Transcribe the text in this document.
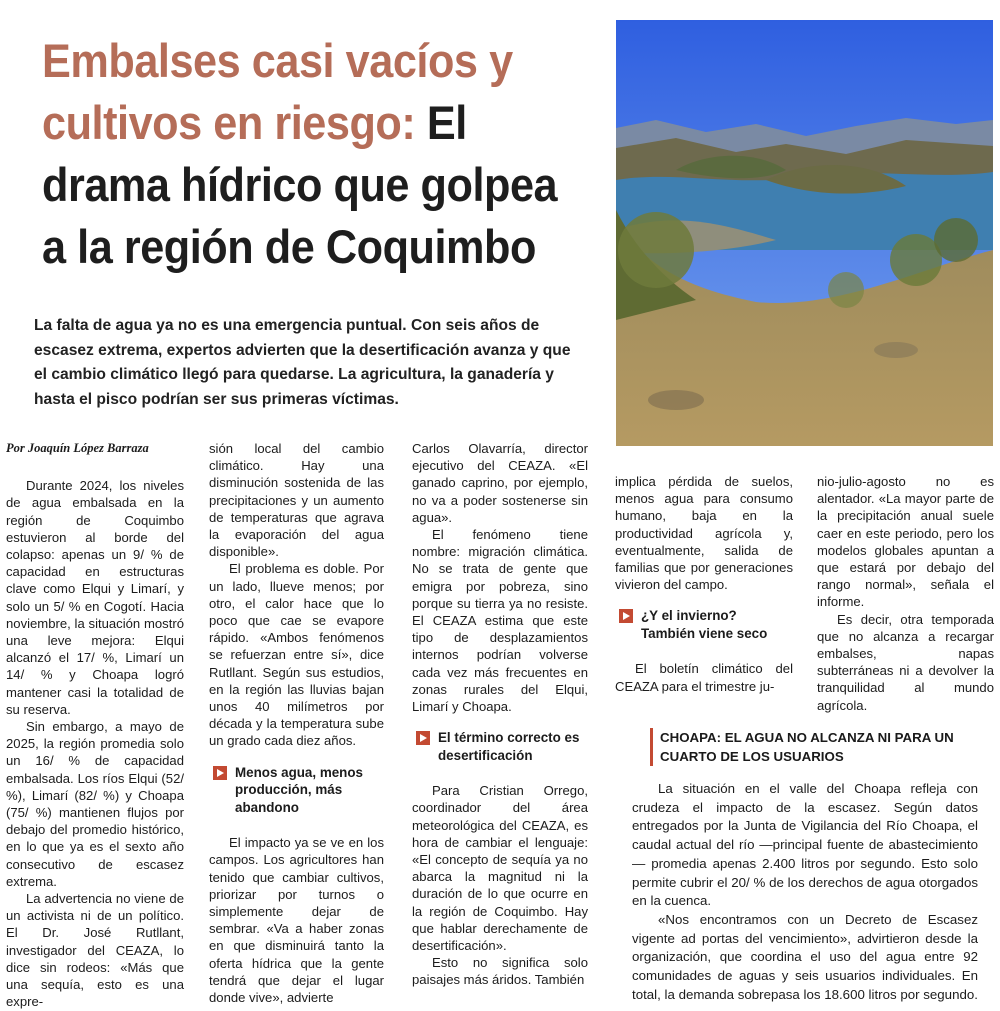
Embalses casi vacíos y cultivos en riesgo: El drama hídrico que golpea a la región de Coquimbo

La falta de agua ya no es una emergencia puntual. Con seis años de escasez extrema, expertos advierten que la desertificación avanza y que el cambio climático llegó para quedarse. La agricultura, la ganadería y hasta el pisco podrían ser sus primeras víctimas.

Por Joaquín López Barraza

Durante 2024, los niveles de agua embalsada en la región de Coquimbo estuvieron al borde del colapso: apenas un 9/ % de capacidad en estructuras clave como Elqui y Limarí, y solo un 5/ % en Cogotí. Hacia noviembre, la situación mostró una leve mejora: Elqui alcanzó el 17/ %, Limarí un 14/ % y Choapa logró mantener casi la totalidad de su reserva.

Sin embargo, a mayo de 2025, la región promedia solo un 16/ % de capacidad embalsada. Los ríos Elqui (52/ %), Limarí (82/ %) y Choapa (75/ %) mantienen flujos por debajo del promedio histórico, en lo que ya es el sexto año consecutivo de escasez extrema.

La advertencia no viene de un activista ni de un político. El Dr. José Rutllant, investigador del CEAZA, lo dice sin rodeos: «Más que una sequía, esto es una expre-

sión local del cambio climático. Hay una disminución sostenida de las precipitaciones y un aumento de temperaturas que agrava la evaporación del agua disponible».

El problema es doble. Por un lado, llueve menos; por otro, el calor hace que lo poco que cae se evapore rápido. «Ambos fenómenos se refuerzan entre sí», dice Rutllant. Según sus estudios, en la región las lluvias bajan unos 40 milímetros por década y la temperatura sube un grado cada diez años.

Menos agua, menos producción, más abandono

El impacto ya se ve en los campos. Los agricultores han tenido que cambiar cultivos, priorizar por turnos o simplemente dejar de sembrar. «Va a haber zonas en que disminuirá tanto la oferta hídrica que la gente tendrá que dejar el lugar donde vive», advierte

Carlos Olavarría, director ejecutivo del CEAZA. «El ganado caprino, por ejemplo, no va a poder sostenerse sin agua».

El fenómeno tiene nombre: migración climática. No se trata de gente que emigra por pobreza, sino porque su tierra ya no resiste. El CEAZA estima que este tipo de desplazamientos internos podrían volverse cada vez más frecuentes en zonas rurales del Elqui, Limarí y Choapa.

El término correcto es desertificación

Para Cristian Orrego, coordinador del área meteorológica del CEAZA, es hora de cambiar el lenguaje: «El concepto de sequía ya no abarca la magnitud ni la duración de lo que ocurre en la región de Coquimbo. Hay que hablar derechamente de desertificación».

Esto no significa solo paisajes más áridos. También

implica pérdida de suelos, menos agua para consumo humano, baja en la productividad agrícola y, eventualmente, salida de familias que por generaciones vivieron del campo.

¿Y el invierno? También viene seco

El boletín climático del CEAZA para el trimestre ju-

nio-julio-agosto no es alentador. «La mayor parte de la precipitación anual suele caer en este periodo, pero los modelos globales apuntan a que estará por debajo del rango normal», señala el informe.

Es decir, otra temporada que no alcanza a recargar embalses, napas subterráneas ni a devolver la tranquilidad al mundo agrícola.

CHOAPA: EL AGUA NO ALCANZA NI PARA UN CUARTO DE LOS USUARIOS

La situación en el valle del Choapa refleja con crudeza el impacto de la escasez. Según datos entregados por la Junta de Vigilancia del Río Choapa, el caudal actual del río —principal fuente de abastecimiento— promedia apenas 2.400 litros por segundo. Esto solo permite cubrir el 20/ % de los derechos de agua otorgados en la cuenca.

«Nos encontramos con un Decreto de Escasez vigente ad portas del vencimiento», advirtieron desde la organización, que coordina el uso del agua entre 92 comunidades de aguas y seis usuarios individuales. En total, la demanda sobrepasa los 18.600 litros por segundo.
